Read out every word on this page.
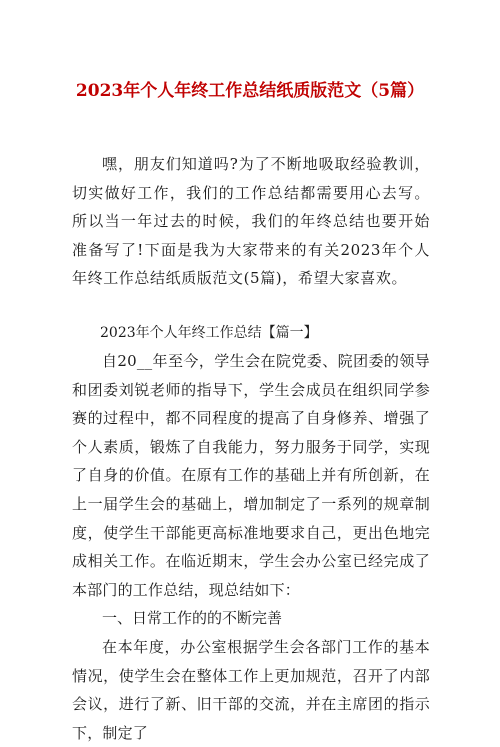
2023年个人年终工作总结纸质版范文（5篇）

嘿，朋友们知道吗?为了不断地吸取经验教训，切实做好工作，我们的工作总结都需要用心去写。所以当一年过去的时候，我们的年终总结也要开始准备写了!下面是我为大家带来的有关2023年个人年终工作总结纸质版范文(5篇)，希望大家喜欢。

2023年个人年终工作总结【篇一】

自20__年至今，学生会在院党委、院团委的领导和团委刘锐老师的指导下，学生会成员在组织同学参赛的过程中，都不同程度的提高了自身修养、增强了个人素质，锻炼了自我能力，努力服务于同学，实现了自身的价值。在原有工作的基础上并有所创新，在上一届学生会的基础上，增加制定了一系列的规章制度，使学生干部能更高标准地要求自己，更出色地完成相关工作。在临近期末，学生会办公室已经完成了本部门的工作总结，现总结如下：

一、日常工作的的不断完善

在本年度，办公室根据学生会各部门工作的基本情况，使学生会在整体工作上更加规范，召开了内部会议，进行了新、旧干部的交流，并在主席团的指示下，制定了
